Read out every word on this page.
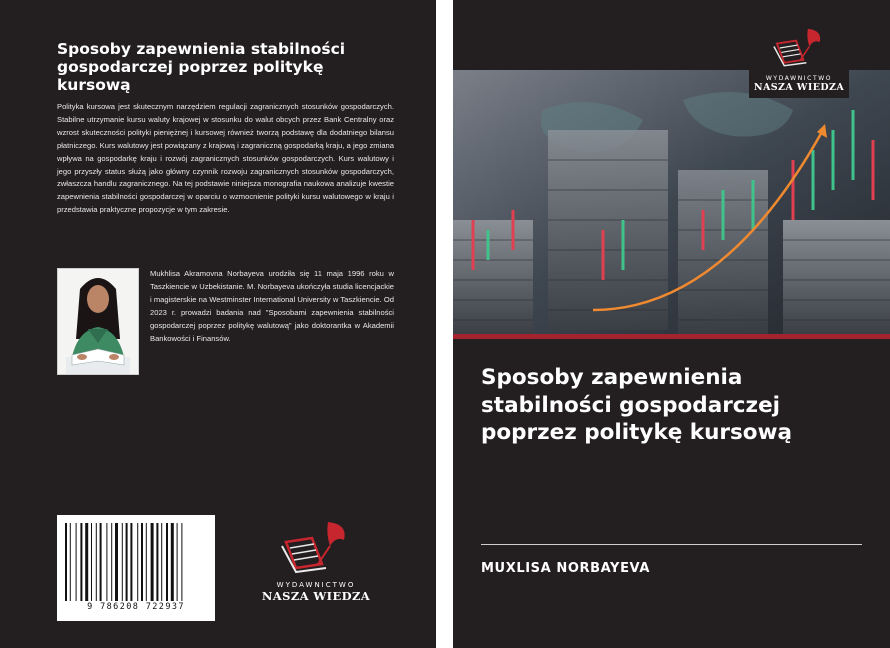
Sposoby zapewnienia stabilności gospodarczej poprzez politykę kursową

Polityka kursowa jest skutecznym narzędziem regulacji zagranicznych stosunków gospodarczych. Stabilne utrzymanie kursu waluty krajowej w stosunku do walut obcych przez Bank Centralny oraz wzrost skuteczności polityki pieniężnej i kursowej również tworzą podstawę dla dodatniego bilansu płatniczego. Kurs walutowy jest powiązany z krajową i zagraniczną gospodarką kraju, a jego zmiana wpływa na gospodarkę kraju i rozwój zagranicznych stosunków gospodarczych. Kurs walutowy i jego przyszły status służą jako główny czynnik rozwoju zagranicznych stosunków gospodarczych, zwłaszcza handlu zagranicznego. Na tej podstawie niniejsza monografia naukowa analizuje kwestie zapewnienia stabilności gospodarczej w oparciu o wzmocnienie polityki kursu walutowego w kraju i przedstawia praktyczne propozycje w tym zakresie.

Mukhlisa Akramovna Norbayeva urodziła się 11 maja 1996 roku w Taszkiencie w Uzbekistanie. M. Norbayeva ukończyła studia licencjackie i magisterskie na Westminster International University w Taszkiencie. Od 2023 r. prowadzi badania nad "Sposobami zapewnienia stabilności gospodarczej poprzez politykę walutową" jako doktorantka w Akademii Bankowości i Finansów.

9 786208 722937
WYDAWNICTWO
NASZA WIEDZA
WYDAWNICTWO
NASZA WIEDZA
Sposoby zapewnienia stabilności gospodarczej poprzez politykę kursową
MUXLISA NORBAYEVA
